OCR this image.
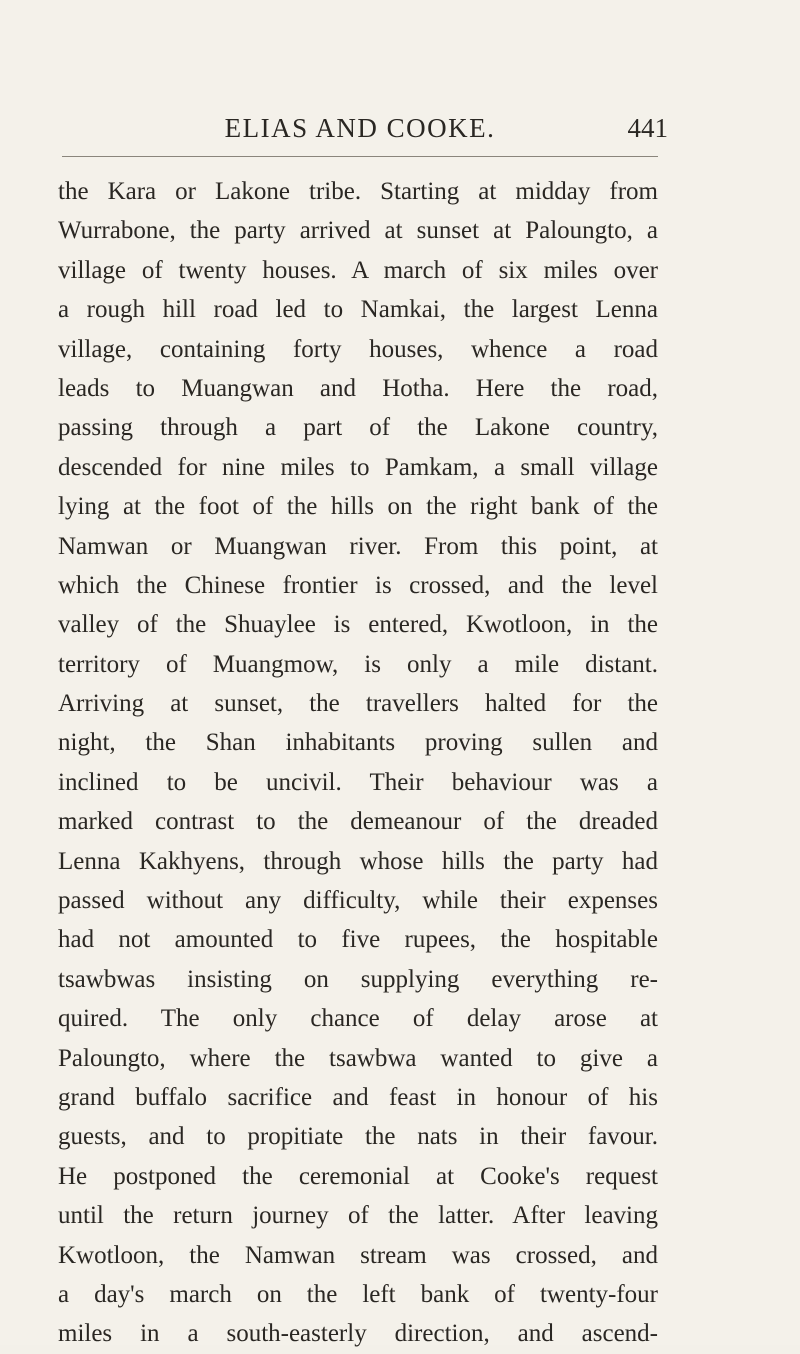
ELIAS AND COOKE.	441
the Kara or Lakone tribe. Starting at midday from
Wurrabone, the party arrived at sunset at Paloungto, a
village of twenty houses. A march of six miles over
a rough hill road led to Namkai, the largest Lenna
village, containing forty houses, whence a road
leads to Muangwan and Hotha. Here the road,
passing through a part of the Lakone country,
descended for nine miles to Pamkam, a small village
lying at the foot of the hills on the right bank of the
Namwan or Muangwan river. From this point, at
which the Chinese frontier is crossed, and the level
valley of the Shuaylee is entered, Kwotloon, in the
territory of Muangmow, is only a mile distant.
Arriving at sunset, the travellers halted for the
night, the Shan inhabitants proving sullen and
inclined to be uncivil. Their behaviour was a
marked contrast to the demeanour of the dreaded
Lenna Kakhyens, through whose hills the party had
passed without any difficulty, while their expenses
had not amounted to five rupees, the hospitable
tsawbwas insisting on supplying everything re-
quired. The only chance of delay arose at
Paloungto, where the tsawbwa wanted to give a
grand buffalo sacrifice and feast in honour of his
guests, and to propitiate the nats in their favour.
He postponed the ceremonial at Cooke's request
until the return journey of the latter. After leaving
Kwotloon, the Namwan stream was crossed, and
a day's march on the left bank of twenty-four
miles in a south-easterly direction, and ascend-
